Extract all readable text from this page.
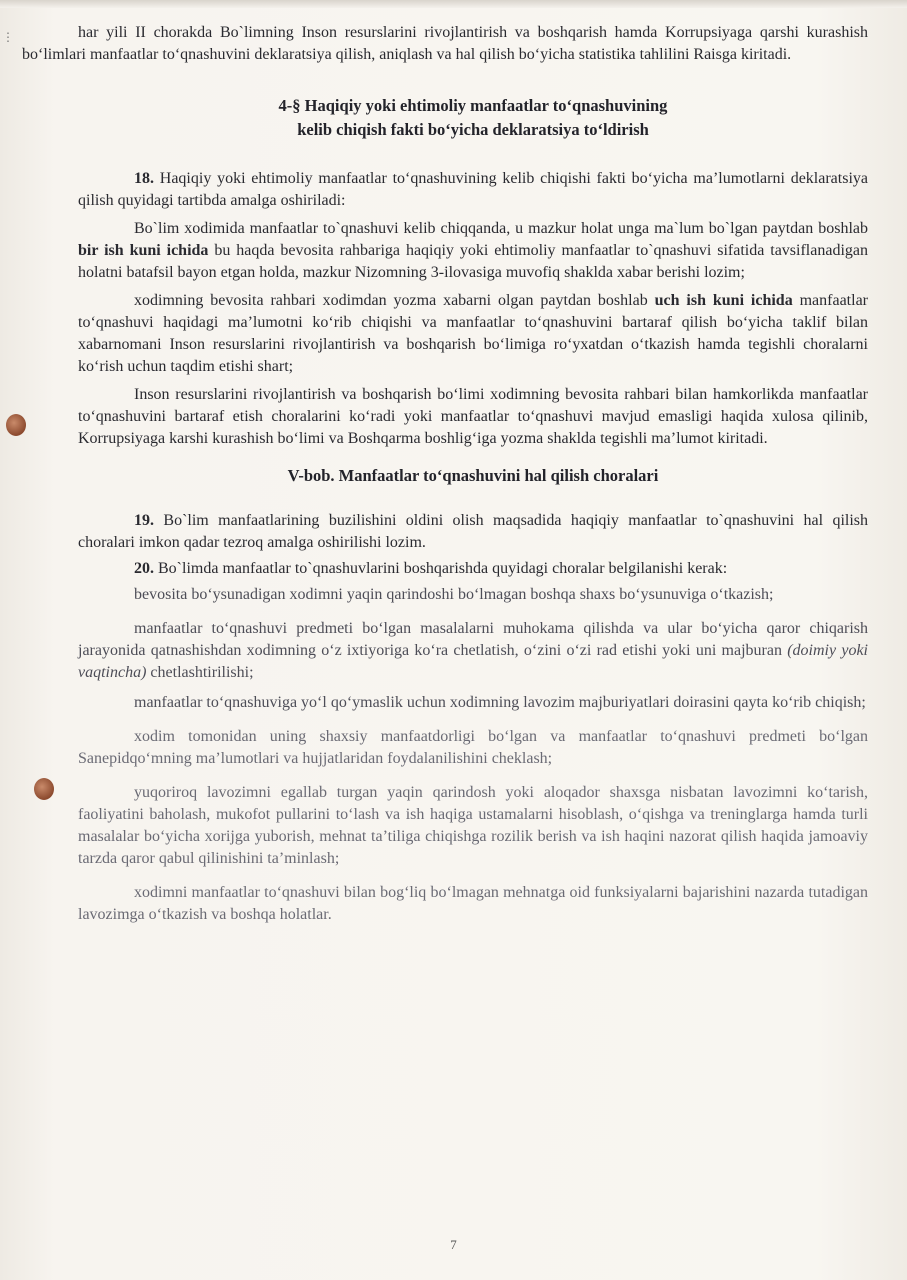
⋮	har yili II chorakda Bo`limning Inson resurslarini rivojlantirish va boshqarish hamda Korrupsiyaga qarshi kurashish bo‘limlari manfaatlar to‘qnashuvini deklaratsiya qilish, aniqlash va hal qilish bo‘yicha statistika tahlilini Raisga kiritadi.

4-§ Haqiqiy yoki ehtimoliy manfaatlar to‘qnashuvining
kelib chiqish fakti bo‘yicha deklaratsiya to‘ldirish

18. Haqiqiy yoki ehtimoliy manfaatlar to‘qnashuvining kelib chiqishi fakti bo‘yicha ma’lumotlarni deklaratsiya qilish quyidagi tartibda amalga oshiriladi:

Bo`lim xodimida manfaatlar to`qnashuvi kelib chiqqanda, u mazkur holat unga ma`lum bo`lgan paytdan boshlab bir ish kuni ichida bu haqda bevosita rahbariga haqiqiy yoki ehtimoliy manfaatlar to`qnashuvi sifatida tavsiflanadigan holatni batafsil bayon etgan holda, mazkur Nizomning 3-ilovasiga muvofiq shaklda xabar berishi lozim;

xodimning bevosita rahbari xodimdan yozma xabarni olgan paytdan boshlab uch ish kuni ichida manfaatlar to‘qnashuvi haqidagi ma’lumotni ko‘rib chiqishi va manfaatlar to‘qnashuvini bartaraf qilish bo‘yicha taklif bilan xabarnomani Inson resurslarini rivojlantirish va boshqarish bo‘limiga ro‘yxatdan o‘tkazish hamda tegishli choralarni ko‘rish uchun taqdim etishi shart;

Inson resurslarini rivojlantirish va boshqarish bo‘limi xodimning bevosita rahbari bilan hamkorlikda manfaatlar to‘qnashuvini bartaraf etish choralarini ko‘radi yoki manfaatlar to‘qnashuvi mavjud emasligi haqida xulosa qilinib, Korrupsiyaga karshi kurashish bo‘limi va Boshqarma boshlig‘iga yozma shaklda tegishli ma’lumot kiritadi.

V-bob. Manfaatlar to‘qnashuvini hal qilish choralari

19. Bo`lim manfaatlarining buzilishini oldini olish maqsadida haqiqiy manfaatlar to`qnashuvini hal qilish choralari imkon qadar tezroq amalga oshirilishi lozim.

20. Bo`limda manfaatlar to`qnashuvlarini boshqarishda quyidagi choralar belgilanishi kerak:

bevosita bo‘ysunadigan xodimni yaqin qarindoshi bo‘lmagan boshqa shaxs bo‘ysunuviga o‘tkazish;

manfaatlar to‘qnashuvi predmeti bo‘lgan masalalarni muhokama qilishda va ular bo‘yicha qaror chiqarish jarayonida qatnashishdan xodimning o‘z ixtiyoriga ko‘ra chetlatish, o‘zini o‘zi rad etishi yoki uni majburan (doimiy yoki vaqtincha) chetlashtirilishi;

manfaatlar to‘qnashuviga yo‘l qo‘ymaslik uchun xodimning lavozim majburiyatlari doirasini qayta ko‘rib chiqish;

xodim tomonidan uning shaxsiy manfaatdorligi bo‘lgan va manfaatlar to‘qnashuvi predmeti bo‘lgan Sanepidqo‘mning ma’lumotlari va hujjatlaridan foydalanilishini cheklash;

yuqoriroq lavozimni egallab turgan yaqin qarindosh yoki aloqador shaxsga nisbatan lavozimni ko‘tarish, faoliyatini baholash, mukofot pullarini to‘lash va ish haqiga ustamalarni hisoblash, o‘qishga va treninglarga hamda turli masalalar bo‘yicha xorijga yuborish, mehnat ta’tiliga chiqishga rozilik berish va ish haqini nazorat qilish haqida jamoaviy tarzda qaror qabul qilinishini ta’minlash;

xodimni manfaatlar to‘qnashuvi bilan bog‘liq bo‘lmagan mehnatga oid funksiyalarni bajarishini nazarda tutadigan lavozimga o‘tkazish va boshqa holatlar.

7
